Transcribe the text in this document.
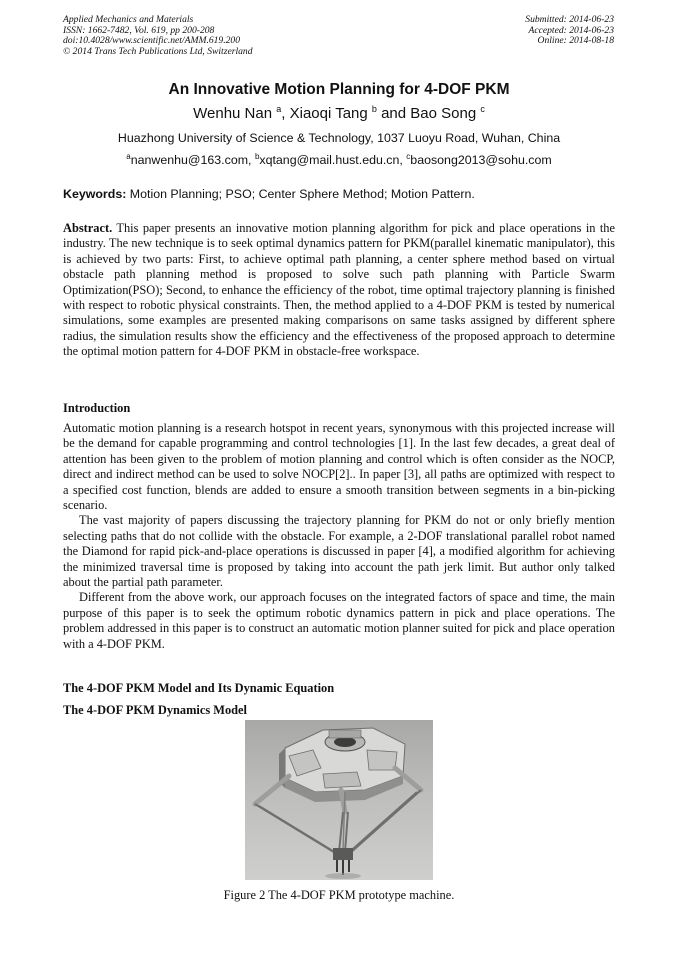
Applied Mechanics and Materials
ISSN: 1662-7482, Vol. 619, pp 200-208
doi:10.4028/www.scientific.net/AMM.619.200
© 2014 Trans Tech Publications Ltd, Switzerland
Submitted: 2014-06-23
Accepted: 2014-06-23
Online: 2014-08-18
An Innovative Motion Planning for 4-DOF PKM
Wenhu Nan $^a$, Xiaoqi Tang $^b$ and Bao Song $^c$
Huazhong University of Science & Technology, 1037 Luoyu Road, Wuhan, China
$^a$nanwenhu@163.com, $^b$xqtang@mail.hust.edu.cn, $^c$baosong2013@sohu.com
Keywords: Motion Planning; PSO; Center Sphere Method; Motion Pattern.

Abstract. This paper presents an innovative motion planning algorithm for pick and place operations in the industry. The new technique is to seek optimal dynamics pattern for PKM(parallel kinematic manipulator), this is achieved by two parts: First, to achieve optimal path planning, a center sphere method based on virtual obstacle path planning method is proposed to solve such path planning with Particle Swarm Optimization(PSO); Second, to enhance the efficiency of the robot, time optimal trajectory planning is finished with respect to robotic physical constraints. Then, the method applied to a 4-DOF PKM is tested by numerical simulations, some examples are presented making comparisons on same tasks assigned by different sphere radius, the simulation results show the efficiency and the effectiveness of the proposed approach to determine the optimal motion pattern for 4-DOF PKM in obstacle-free workspace.

Introduction

Automatic motion planning is a research hotspot in recent years, synonymous with this projected increase will be the demand for capable programming and control technologies [1]. In the last few decades, a great deal of attention has been given to the problem of motion planning and control which is often consider as the NOCP, direct and indirect method can be used to solve NOCP[2].. In paper [3], all paths are optimized with respect to a specified cost function, blends are added to ensure a smooth transition between segments in a bin-picking scenario.

The vast majority of papers discussing the trajectory planning for PKM do not or only briefly mention selecting paths that do not collide with the obstacle. For example, a 2-DOF translational parallel robot named the Diamond for rapid pick-and-place operations is discussed in paper [4], a modified algorithm for achieving the minimized traversal time is proposed by taking into account the path jerk limit. But author only talked about the partial path parameter.

Different from the above work, our approach focuses on the integrated factors of space and time, the main purpose of this paper is to seek the optimum robotic dynamics pattern in pick and place operations. The problem addressed in this paper is to construct an automatic motion planner suited for pick and place operation with a 4-DOF PKM.

The 4-DOF PKM Model and Its Dynamic Equation
The 4-DOF PKM Dynamics Model
Figure 2 The 4-DOF PKM prototype machine.
